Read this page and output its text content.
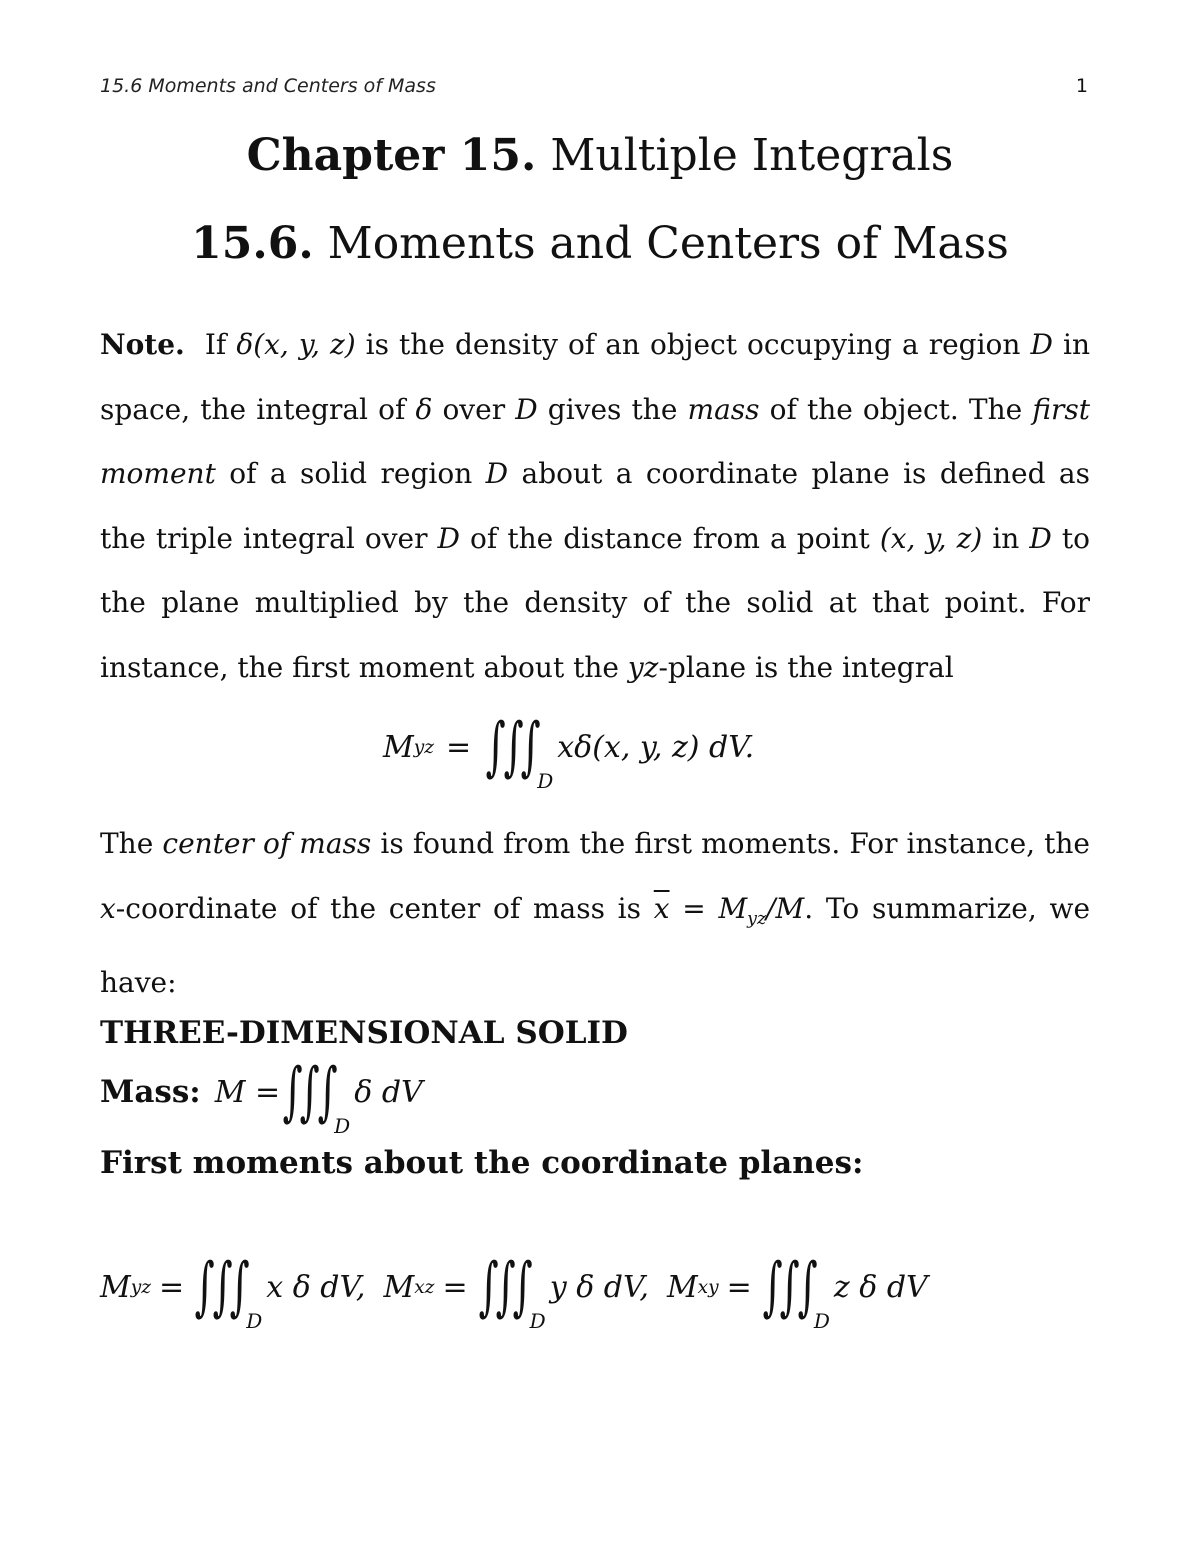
15.6 Moments and Centers of Mass	1
Chapter 15. Multiple Integrals
15.6. Moments and Centers of Mass
Note. If δ(x, y, z) is the density of an object occupying a region D in space, the integral of δ over D gives the mass of the object. The first moment of a solid region D about a coordinate plane is defined as the triple integral over D of the distance from a point (x, y, z) in D to the plane multiplied by the density of the solid at that point. For instance, the first moment about the yz-plane is the integral
M yz = ∫
∫
∫
D
xδ(x, y, z) dV.
The center of mass is found from the first moments. For instance, the x-coordinate of the center of mass is $\overline{x} = M_{yz}/M$. To summarize, we have:
THREE-DIMENSIONAL SOLID
Mass: M = ∫
∫
∫
D
δ dV
First moments about the coordinate planes:
M yz = ∫
∫
∫
D
x δ dV, M xz = ∫
∫
∫
D
y δ dV, M xy = ∫
∫
∫
D
z δ dV
